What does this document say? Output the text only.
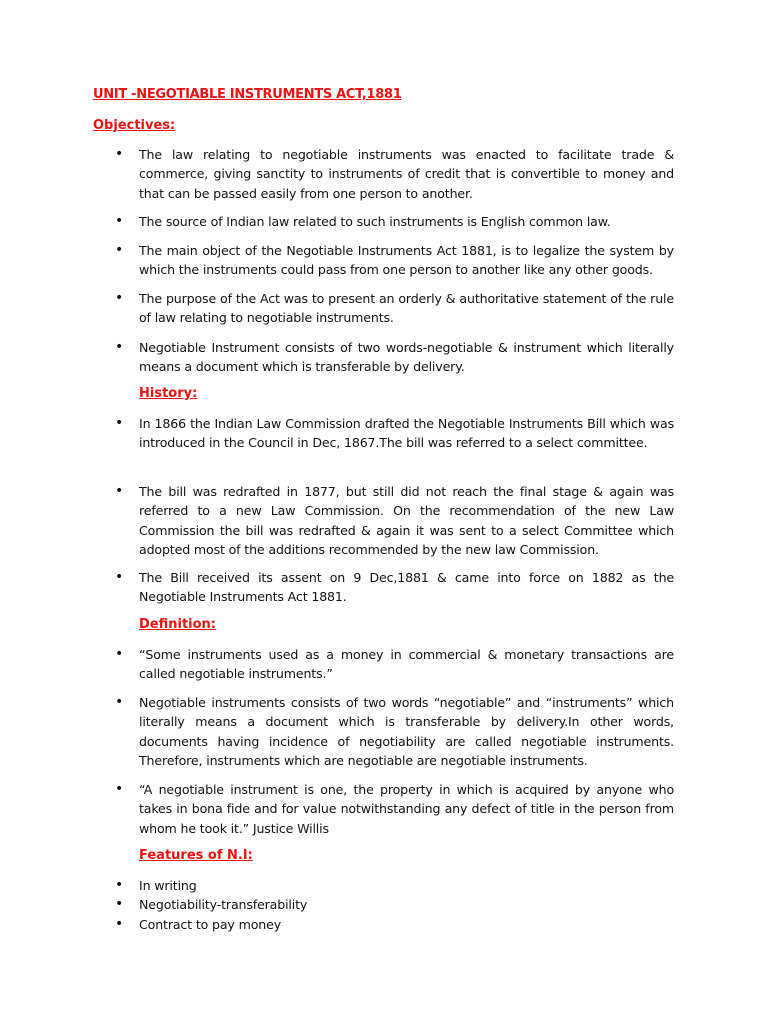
UNIT -NEGOTIABLE INSTRUMENTS ACT,1881
Objectives:
• The law relating to negotiable instruments was enacted to facilitate trade & commerce, giving sanctity to instruments of credit that is convertible to money and that can be passed easily from one person to another.
• The source of Indian law related to such instruments is English common law.
• The main object of the Negotiable Instruments Act 1881, is to legalize the system by which the instruments could pass from one person to another like any other goods.
• The purpose of the Act was to present an orderly & authoritative statement of the rule of law relating to negotiable instruments.
• Negotiable Instrument consists of two words-negotiable & instrument which literally means a document which is transferable by delivery.
History:
• In 1866 the Indian Law Commission drafted the Negotiable Instruments Bill which was introduced in the Council in Dec, 1867.The bill was referred to a select committee.
• The bill was redrafted in 1877, but still did not reach the final stage & again was referred to a new Law Commission. On the recommendation of the new Law Commission the bill was redrafted & again it was sent to a select Committee which adopted most of the additions recommended by the new law Commission.
• The Bill received its assent on 9 Dec,1881 & came into force on 1882 as the Negotiable Instruments Act 1881.
Definition:
• “Some instruments used as a money in commercial & monetary transactions are called negotiable instruments.”
• Negotiable instruments consists of two words “negotiable” and “instruments” which literally means a document which is transferable by delivery.In other words, documents having incidence of negotiability are called negotiable instruments. Therefore, instruments which are negotiable are negotiable instruments.
• “A negotiable instrument is one, the property in which is acquired by anyone who takes in bona fide and for value notwithstanding any defect of title in the person from whom he took it.” Justice Willis
Features of N.I:
• In writing
• Negotiability-transferability
• Contract to pay money
